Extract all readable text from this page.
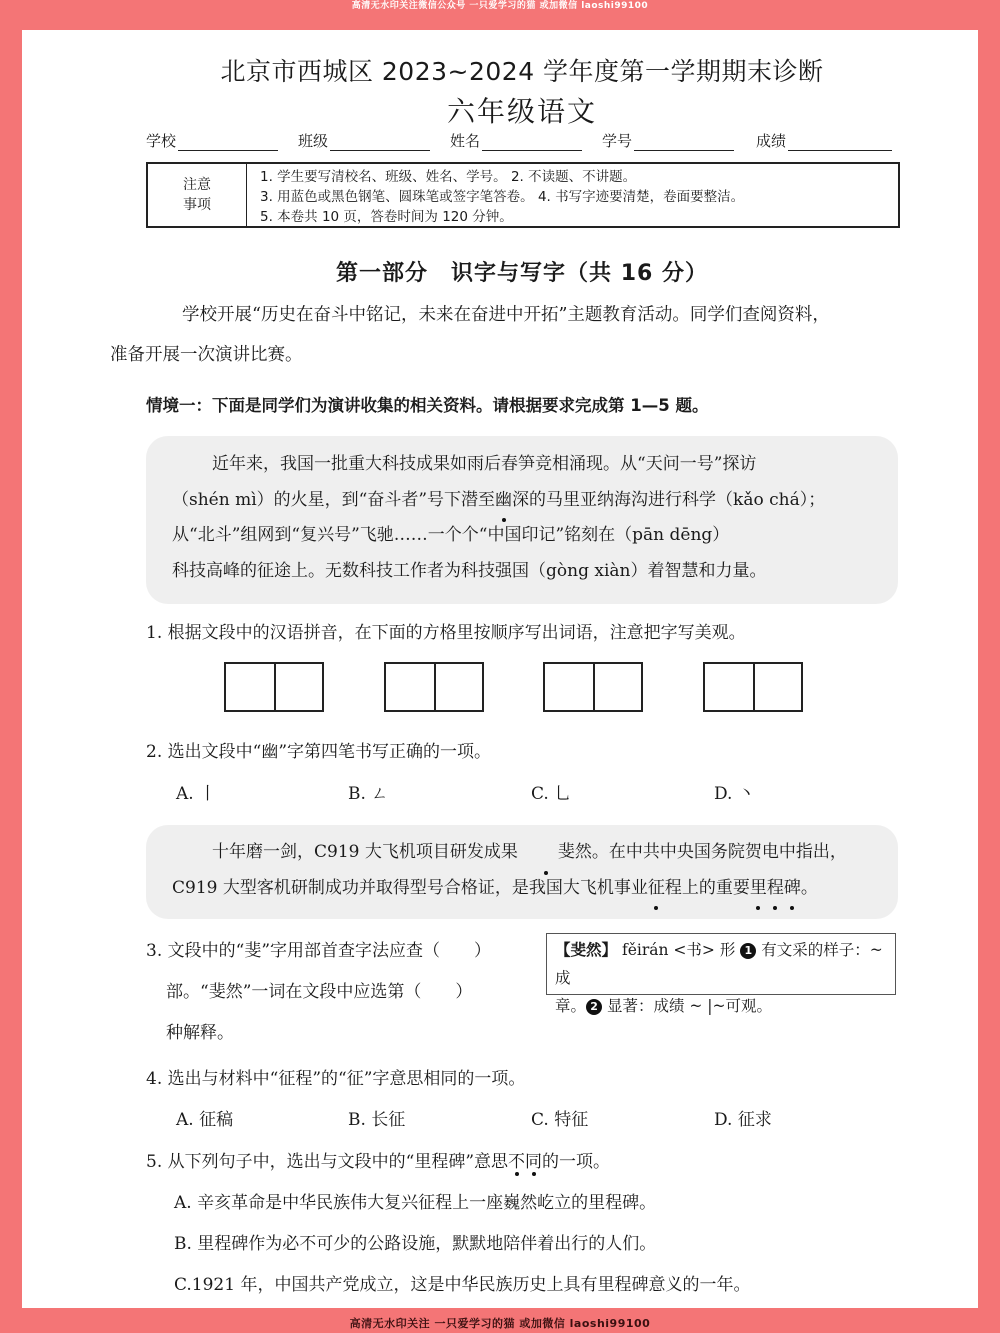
高清无水印关注微信公众号 一只爱学习的猫 或加微信 laoshi99100
北京市西城区 2023~2024 学年度第一学期期末诊断
六年级语文
学校	班级	姓名	学号	成绩
注意
事项
1. 学生要写清校名、班级、姓名、学号。 2. 不读题、不讲题。
3. 用蓝色或黑色钢笔、圆珠笔或签字笔答卷。 4. 书写字迹要清楚，卷面要整洁。
5. 本卷共 10 页，答卷时间为 120 分钟。
第一部分　识字与写字（共 16 分）
学校开展“历史在奋斗中铭记，未来在奋进中开拓”主题教育活动。同学们查阅资料，
准备开展一次演讲比赛。
情境一：下面是同学们为演讲收集的相关资料。请根据要求完成第 1—5 题。

近年来，我国一批重大科技成果如雨后春笋竞相涌现。从“天问一号”探访

（shén mì）的火星，到“奋斗者”号下潜至幽深的马里亚纳海沟进行科学（kǎo chá）；

从“北斗”组网到“复兴号”飞驰……一个个“中国印记”铭刻在（pān dēng）

科技高峰的征途上。无数科技工作者为科技强国（gòng xiàn）着智慧和力量。

1. 根据文段中的汉语拼音，在下面的方格里按顺序写出词语，注意把字写美观。
2. 选出文段中“幽”字第四笔书写正确的一项。
A. 丨	B. ㄥ	C. 乚	D. 丶

十年磨一剑，C919 大飞机项目研发成果 斐然。在中共中央国务院贺电中指出，

C919 大型客机研制成功并取得型号合格证，是我国大飞机事业征程上的重要里程碑。

3. 文段中的“斐”字用部首查字法应查（　　）
部。“斐然”一词在文段中应选第（　　）
种解释。
【斐然】 fěirán <书> 形 1 有文采的样子：~ 成
章。 2 显著：成绩 ~ |~可观。
4. 选出与材料中“征程”的“征”字意思相同的一项。
A. 征稿	B. 长征	C. 特征	D. 征求
5. 从下列句子中，选出与文段中的“里程碑”意思不同的一项。
A. 辛亥革命是中华民族伟大复兴征程上一座巍然屹立的里程碑。
B. 里程碑作为必不可少的公路设施，默默地陪伴着出行的人们。
C.1921 年，中国共产党成立，这是中华民族历史上具有里程碑意义的一年。
高清无水印关注 一只爱学习的猫 或加微信 laoshi99100
